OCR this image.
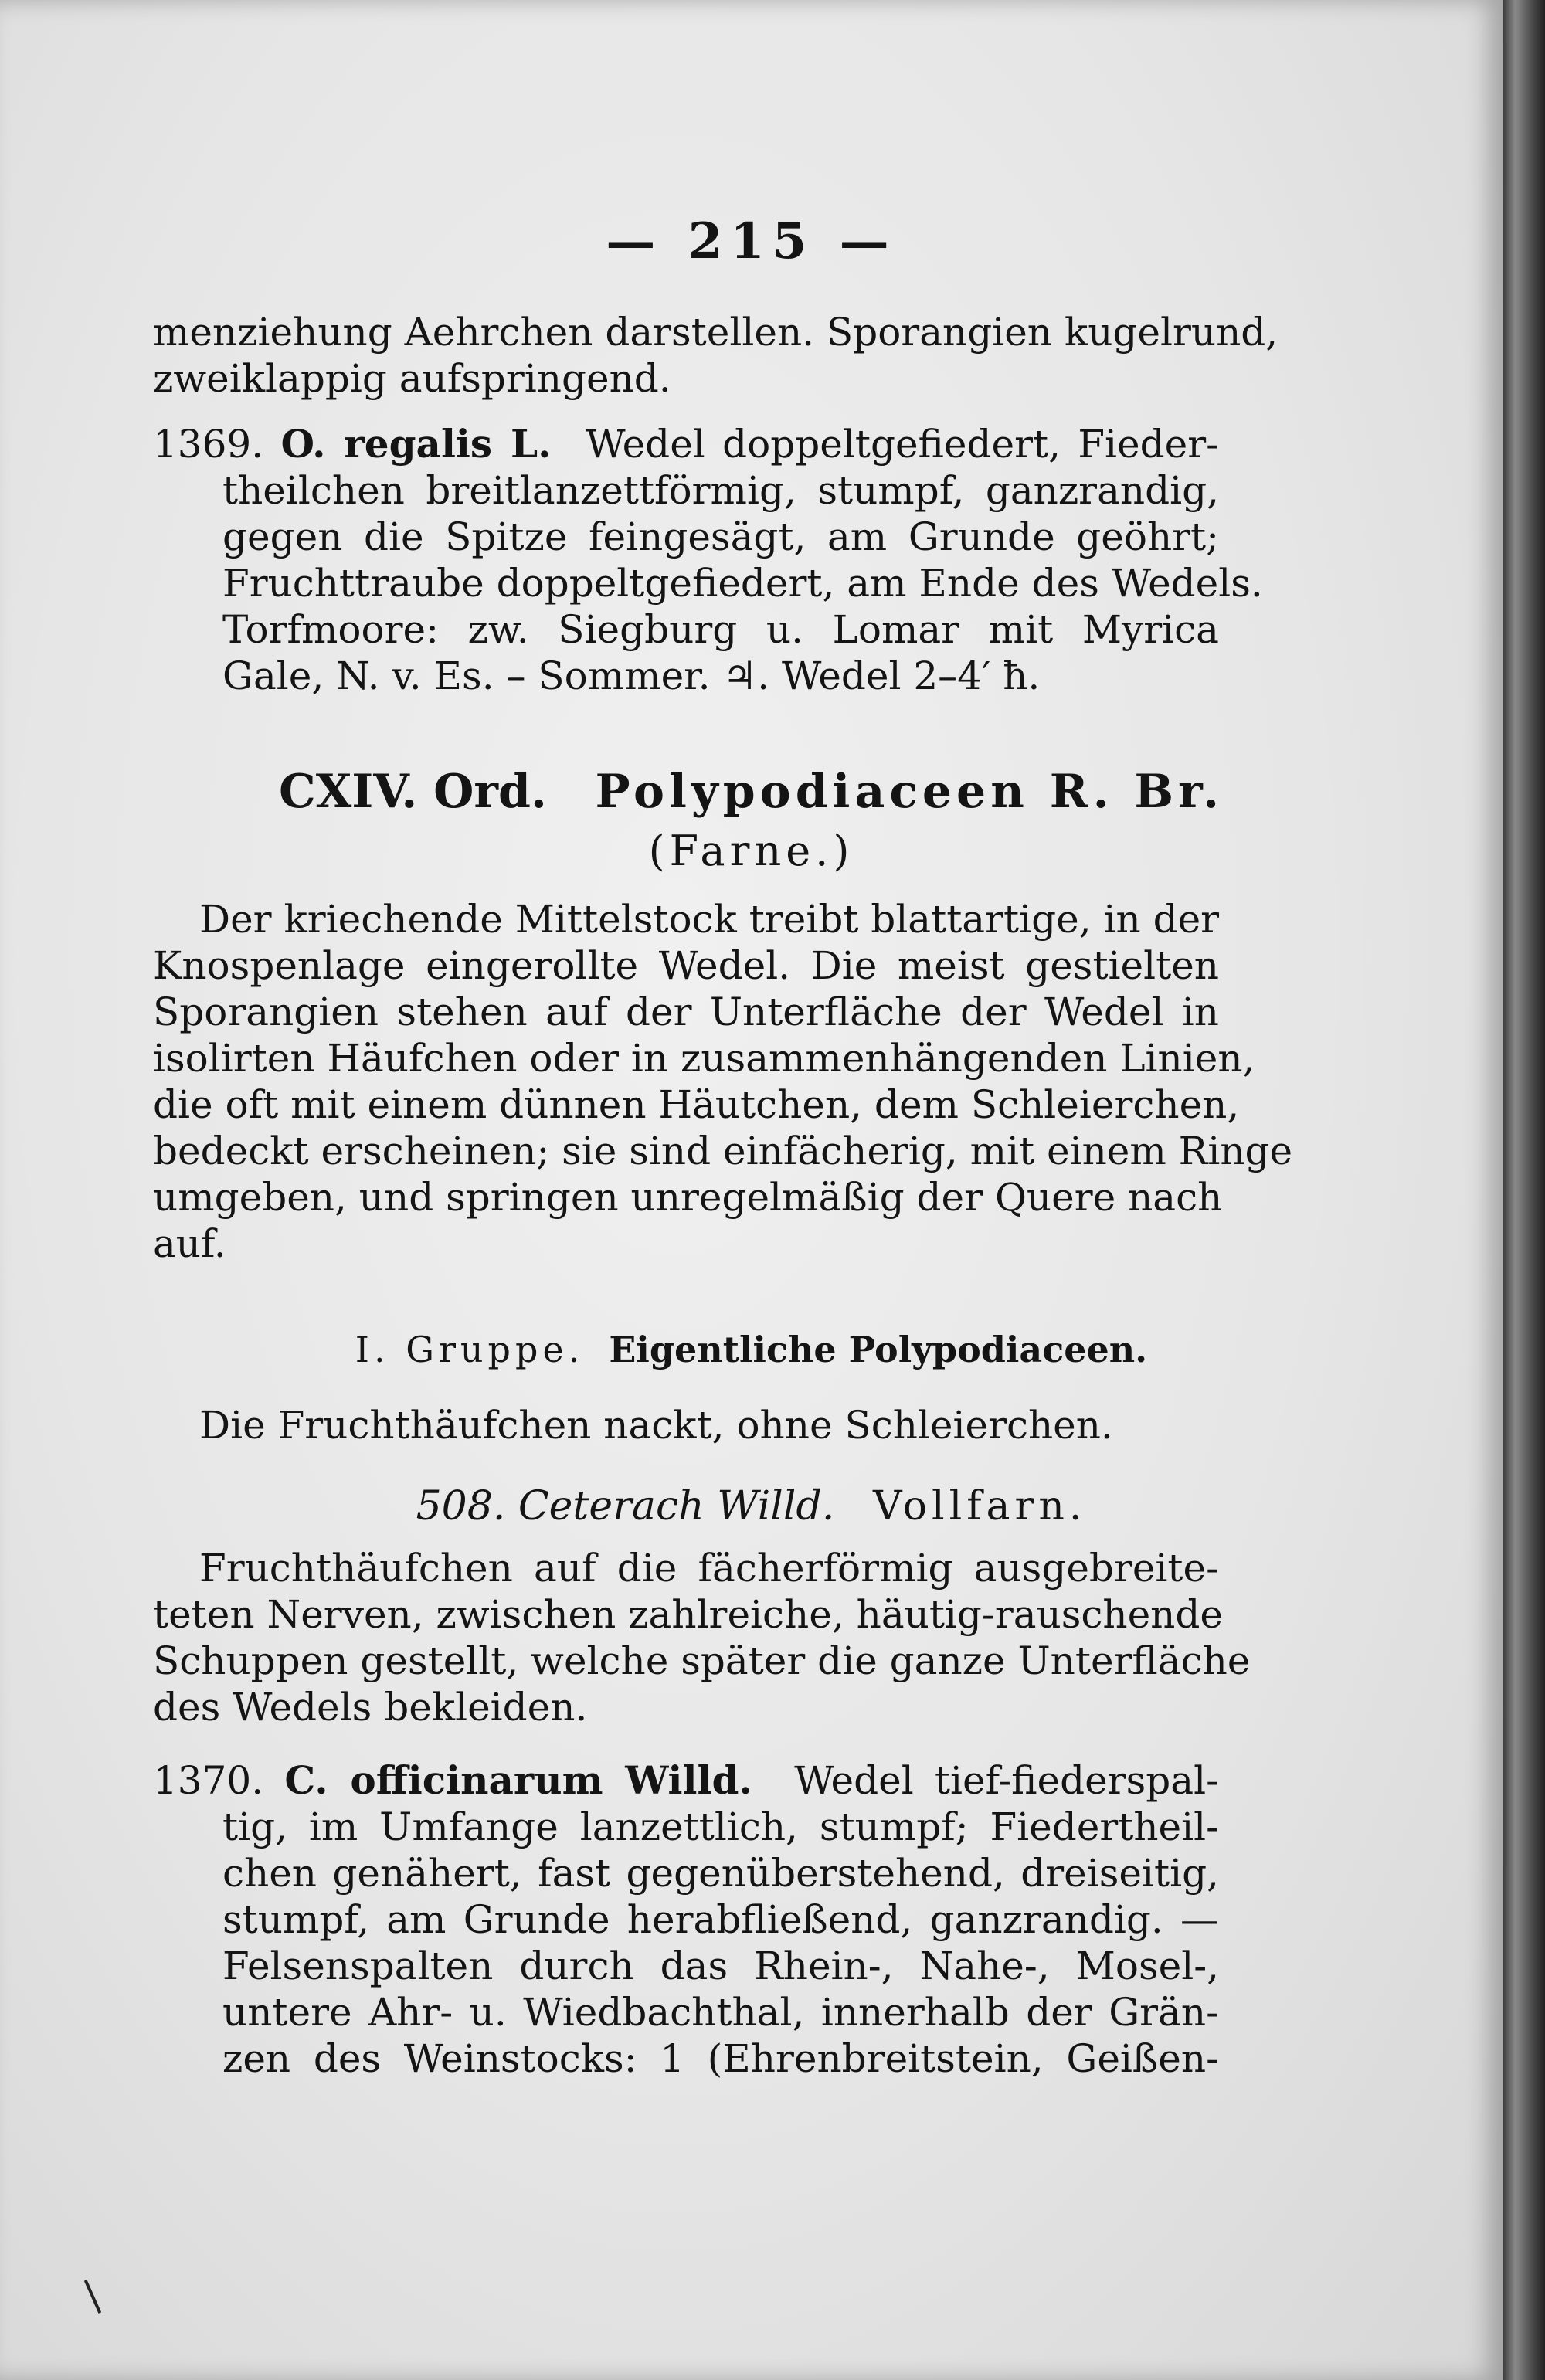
— 215 —
menziehung Aehrchen darstellen. Sporangien kugelrund,
zweiklappig aufspringend.
1369. O. regalis L. Wedel doppeltgefiedert, Fieder-
theilchen breitlanzettförmig, stumpf, ganzrandig,
gegen die Spitze feingesägt, am Grunde geöhrt;
Fruchttraube doppeltgefiedert, am Ende des Wedels.
Torfmoore: zw. Siegburg u. Lomar mit Myrica
Gale, N. v. Es. – Sommer. ♃. Wedel 2–4′ ħ.
CXIV. Ord. Polypodiaceen R. Br.
(Farne.)
Der kriechende Mittelstock treibt blattartige, in der
Knospenlage eingerollte Wedel. Die meist gestielten
Sporangien stehen auf der Unterfläche der Wedel in
isolirten Häufchen oder in zusammenhängenden Linien,
die oft mit einem dünnen Häutchen, dem Schleierchen,
bedeckt erscheinen; sie sind einfächerig, mit einem Ringe
umgeben, und springen unregelmäßig der Quere nach
auf.
I. Gruppe. Eigentliche Polypodiaceen.
Die Fruchthäufchen nackt, ohne Schleierchen.
508. Ceterach Willd. Vollfarn.
Fruchthäufchen auf die fächerförmig ausgebreite-
teten Nerven, zwischen zahlreiche, häutig-rauschende
Schuppen gestellt, welche später die ganze Unterfläche
des Wedels bekleiden.
1370. C. officinarum Willd. Wedel tief-fiederspal-
tig, im Umfange lanzettlich, stumpf; Fiedertheil-
chen genähert, fast gegenüberstehend, dreiseitig,
stumpf, am Grunde herabfließend, ganzrandig. —
Felsenspalten durch das Rhein-, Nahe-, Mosel-,
untere Ahr- u. Wiedbachthal, innerhalb der Grän-
zen des Weinstocks: 1 (Ehrenbreitstein, Geißen-
